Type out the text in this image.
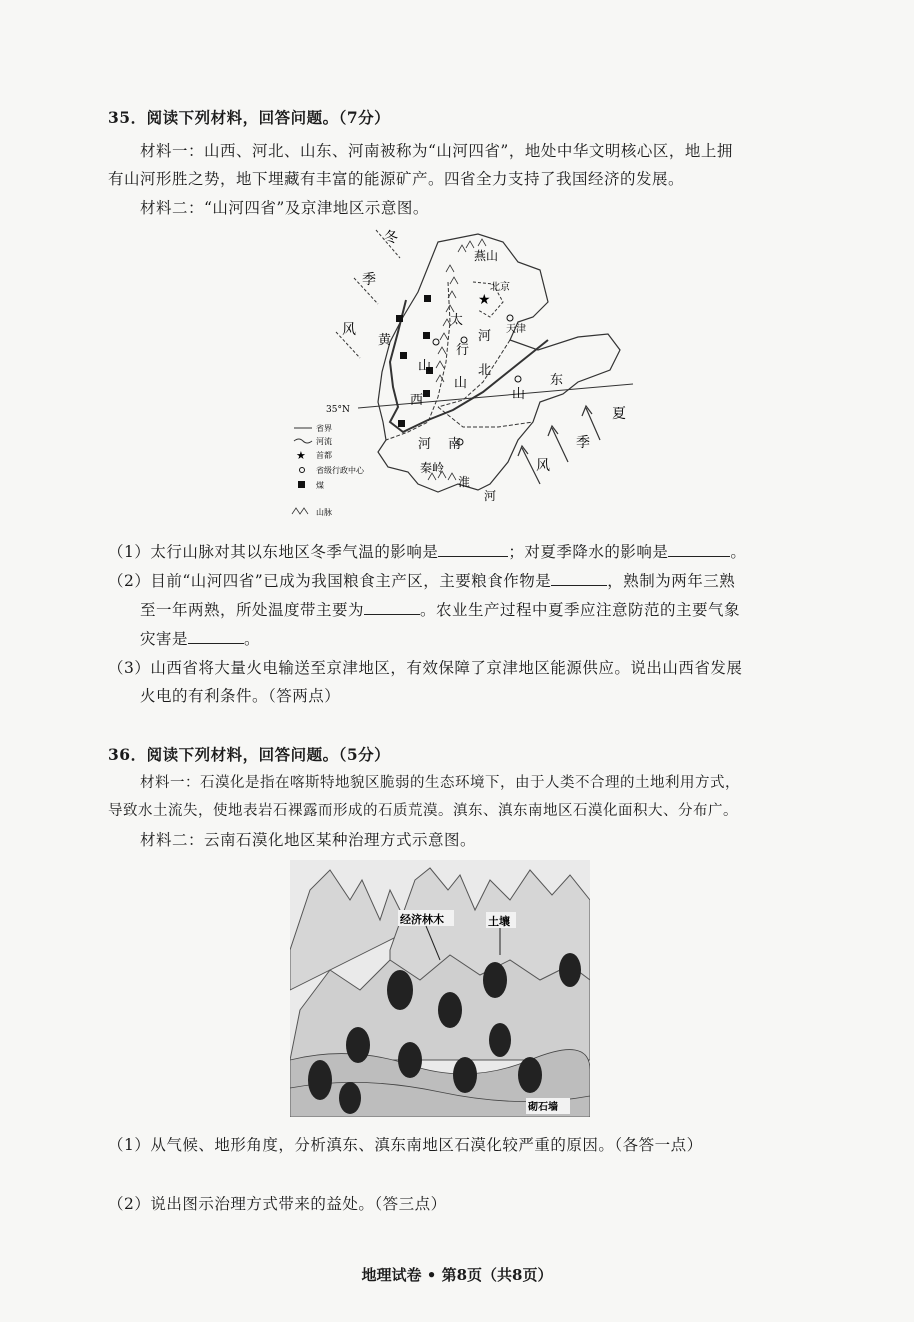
35．阅读下列材料，回答问题。（7分）
材料一：山西、河北、山东、河南被称为“山河四省”，地处中华文明核心区，地上拥
有山河形胜之势，地下埋藏有丰富的能源矿产。四省全力支持了我国经济的发展。
材料二：“山河四省”及京津地区示意图。
35°N
★
燕山
北京
天津
太
行
山
河
北
黄
山
西	山
东
河 南
秦岭
淮
河
冬
季
风
夏
季
风
省界
河流
★ 首都
省级行政中心
煤
山脉
（1）太行山脉对其以东地区冬季气温的影响是	；对夏季降水的影响是	。
（2）目前“山河四省”已成为我国粮食主产区，主要粮食作物是	，熟制为两年三熟
至一年两熟，所处温度带主要为	。农业生产过程中夏季应注意防范的主要气象
灾害是	。
（3）山西省将大量火电输送至京津地区，有效保障了京津地区能源供应。说出山西省发展
火电的有利条件。（答两点）
36．阅读下列材料，回答问题。（5分）
材料一：石漠化是指在喀斯特地貌区脆弱的生态环境下，由于人类不合理的土地利用方式，
导致水土流失，使地表岩石裸露而形成的石质荒漠。滇东、滇东南地区石漠化面积大、分布广。
材料二：云南石漠化地区某种治理方式示意图。
经济林木	土壤
砌石墙
（1）从气候、地形角度，分析滇东、滇东南地区石漠化较严重的原因。（各答一点）
（2）说出图示治理方式带来的益处。（答三点）
地理试卷 • 第8页（共8页）
